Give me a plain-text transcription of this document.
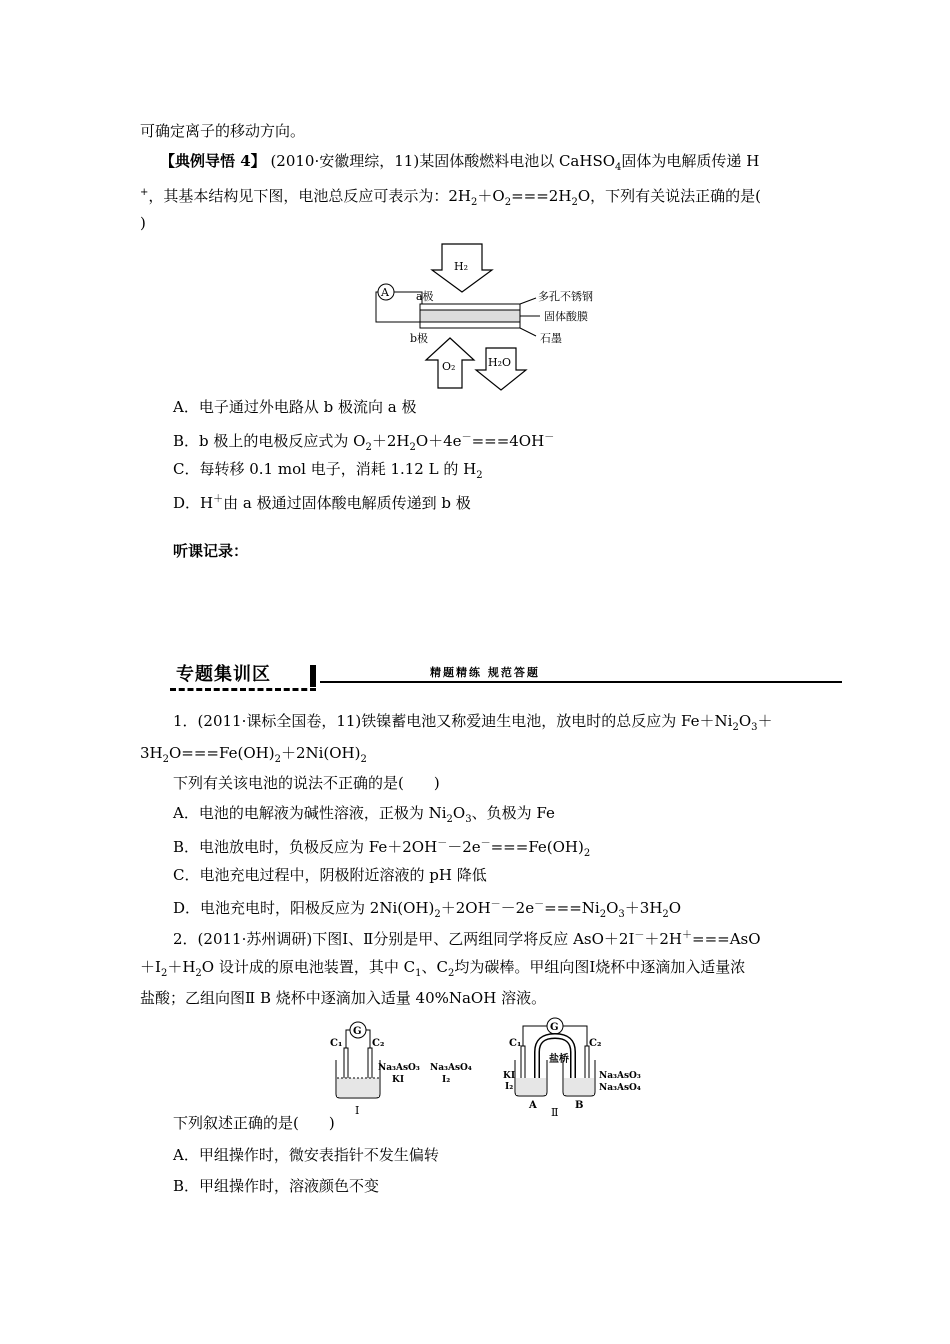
可确定离子的移动方向。
【典例导悟 4】 (2010·安徽理综，11)某固体酸燃料电池以 CaHSO$_4$固体为电解质传递 H
+，其基本结构见下图，电池总反应可表示为：$2H_2+O_2===2H_2O$，下列有关说法正确的是(
)
H₂
A a极
b极
多孔不锈钢
固体酸膜
石墨
O₂	H₂O
A．电子通过外电路从 b 极流向 a 极
B．b 极上的电极反应式为 $O_2+2H_2O+4e^-===4OH^-$
C．每转移 0.1 mol 电子，消耗 1.12 L 的 $H_2$
D．H＋由 a 极通过固体酸电解质传递到 b 极
听课记录：
专题集训区	精题精练 规范答题
1．(2011·课标全国卷，11)铁镍蓄电池又称爱迪生电池，放电时的总反应为 $Fe+Ni_2O_3+$
$3H_2O===Fe(OH)_2+2Ni(OH)_2$
下列有关该电池的说法不正确的是(　　)
A．电池的电解液为碱性溶液，正极为 $Ni_2O_3$、负极为 Fe
B．电池放电时，负极反应为 $Fe+2OH^--2e^-===Fe(OH)_2$
C．电池充电过程中，阴极附近溶液的 pH 降低
D．电池充电时，阳极反应为 $2Ni(OH)_2+2OH^--2e^-===Ni_2O_3+3H_2O$
2．(2011·苏州调研)下图Ⅰ、Ⅱ分别是甲、乙两组同学将反应 AsO＋2I－＋2H＋===AsO
$+I_2+H_2O$ 设计成的原电池装置，其中 $C_1$、$C_2$均为碳棒。甲组向图Ⅰ烧杯中逐滴加入适量浓
盐酸；乙组向图Ⅱ B 烧杯中逐滴加入适量 40%NaOH 溶液。
G
C₁	C₂
Na₃AsO₃ Na₃AsO₄
KI	I₂
Ⅰ
G
C₁	C₂
盐桥
KI
I₂
Na₃AsO₃
Na₃AsO₄
A	B
Ⅱ
下列叙述正确的是(　　)
A．甲组操作时，微安表指针不发生偏转
B．甲组操作时，溶液颜色不变
